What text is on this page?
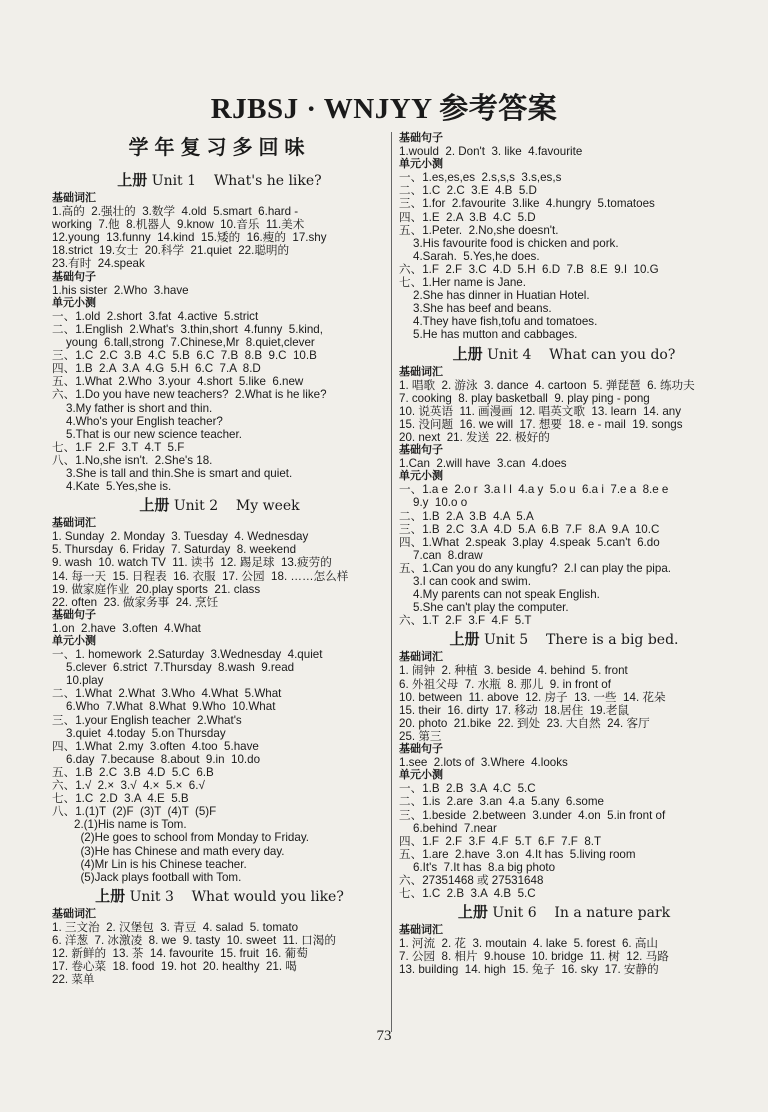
RJBSJ · WNJYY 参考答案
学年复习多回味
上册 Unit 1    What's he like?
基础词汇
1.高的  2.强壮的  3.数学  4.old  5.smart  6.hard -
working  7.他  8.机器人  9.know  10.音乐  11.美术
12.young  13.funny  14.kind  15.矮的  16.瘦的  17.shy
18.strict  19.女士  20.科学  21.quiet  22.聪明的
23.有时  24.speak
基础句子
1.his sister  2.Who  3.have
单元小测
一、1.old  2.short  3.fat  4.active  5.strict
二、1.English  2.What's  3.thin,short  4.funny  5.kind,
young  6.tall,strong  7.Chinese,Mr  8.quiet,clever
三、1.C  2.C  3.B  4.C  5.B  6.C  7.B  8.B  9.C  10.B
四、1.B  2.A  3.A  4.G  5.H  6.C  7.A  8.D
五、1.What  2.Who  3.your  4.short  5.like  6.new
六、1.Do you have new teachers?  2.What is he like?
3.My father is short and thin.
4.Who's your English teacher?
5.That is our new science teacher.
七、1.F  2.F  3.T  4.T  5.F
八、1.No,she isn't.  2.She's 18.
3.She is tall and thin.She is smart and quiet.
4.Kate  5.Yes,she is.
上册 Unit 2    My week
基础词汇
1. Sunday  2. Monday  3. Tuesday  4. Wednesday
5. Thursday  6. Friday  7. Saturday  8. weekend
9. wash  10. watch TV  11. 读书  12. 踢足球  13.疲劳的
14. 每一天  15. 日程表  16. 衣服  17. 公园  18. ……怎么样
19. 做家庭作业  20.play sports  21. class
22. often  23. 做家务事  24. 烹饪
基础句子
1.on  2.have  3.often  4.What
单元小测
一、1. homework  2.Saturday  3.Wednesday  4.quiet
5.clever  6.strict  7.Thursday  8.wash  9.read
10.play
二、1.What  2.What  3.Who  4.What  5.What
6.Who  7.What  8.What  9.Who  10.What
三、1.your English teacher  2.What's
3.quiet  4.today  5.on Thursday
四、1.What  2.my  3.often  4.too  5.have
6.day  7.because  8.about  9.in  10.do
五、1.B  2.C  3.B  4.D  5.C  6.B
六、1.√  2.×  3.√  4.×  5.×  6.√
七、1.C  2.D  3.A  4.E  5.B
八、1.(1)T  (2)F  (3)T  (4)T  (5)F
2.(1)His name is Tom.
(2)He goes to school from Monday to Friday.
(3)He has Chinese and math every day.
(4)Mr Lin is his Chinese teacher.
(5)Jack plays football with Tom.
上册 Unit 3    What would you like?
基础词汇
1. 三文治  2. 汉堡包  3. 青豆  4. salad  5. tomato
6. 洋葱  7. 冰激凌  8. we  9. tasty  10. sweet  11. 口渴的
12. 新鲜的  13. 茶  14. favourite  15. fruit  16. 葡萄
17. 卷心菜  18. food  19. hot  20. healthy  21. 喝
22. 菜单
基础句子
1.would  2. Don't  3. like  4.favourite
单元小测
一、1.es,es,es  2.s,s,s  3.s,es,s
二、1.C  2.C  3.E  4.B  5.D
三、1.for  2.favourite  3.like  4.hungry  5.tomatoes
四、1.E  2.A  3.B  4.C  5.D
五、1.Peter.  2.No,she doesn't.
3.His favourite food is chicken and pork.
4.Sarah.  5.Yes,he does.
六、1.F  2.F  3.C  4.D  5.H  6.D  7.B  8.E  9.I  10.G
七、1.Her name is Jane.
2.She has dinner in Huatian Hotel.
3.She has beef and beans.
4.They have fish,tofu and tomatoes.
5.He has mutton and cabbages.
上册 Unit 4    What can you do?
基础词汇
1. 唱歌  2. 游泳  3. dance  4. cartoon  5. 弹琵琶  6. 练功夫
7. cooking  8. play basketball  9. play ping - pong
10. 说英语  11. 画漫画  12. 唱英文歌  13. learn  14. any
15. 没问题  16. we will  17. 想要  18. e - mail  19. songs
20. next  21. 发送  22. 极好的
基础句子
1.Can  2.will have  3.can  4.does
单元小测
一、1.a e  2.o r  3.a l l  4.a y  5.o u  6.a i  7.e a  8.e e
9.y  10.o o
二、1.B  2.A  3.B  4.A  5.A
三、1.B  2.C  3.A  4.D  5.A  6.B  7.F  8.A  9.A  10.C
四、1.What  2.speak  3.play  4.speak  5.can't  6.do
7.can  8.draw
五、1.Can you do any kungfu?  2.I can play the pipa.
3.I can cook and swim.
4.My parents can not speak English.
5.She can't play the computer.
六、1.T  2.F  3.F  4.F  5.T
上册 Unit 5    There is a big bed.
基础词汇
1. 闹钟  2. 种植  3. beside  4. behind  5. front
6. 外祖父母  7. 水瓶  8. 那儿  9. in front of
10. between  11. above  12. 房子  13. 一些  14. 花朵
15. their  16. dirty  17. 移动  18.居住  19.老鼠
20. photo  21.bike  22. 到处  23. 大自然  24. 客厅
25. 第三
基础句子
1.see  2.lots of  3.Where  4.looks
单元小测
一、1.B  2.B  3.A  4.C  5.C
二、1.is  2.are  3.an  4.a  5.any  6.some
三、1.beside  2.between  3.under  4.on  5.in front of
6.behind  7.near
四、1.F  2.F  3.F  4.F  5.T  6.F  7.F  8.T
五、1.are  2.have  3.on  4.It has  5.living room
6.It's  7.It has  8.a big photo
六、27351468 或 27531648
七、1.C  2.B  3.A  4.B  5.C
上册 Unit 6    In a nature park
基础词汇
1. 河流  2. 花  3. moutain  4. lake  5. forest  6. 高山
7. 公园  8. 相片  9.house  10. bridge  11. 树  12. 马路
13. building  14. high  15. 兔子  16. sky  17. 安静的
73
